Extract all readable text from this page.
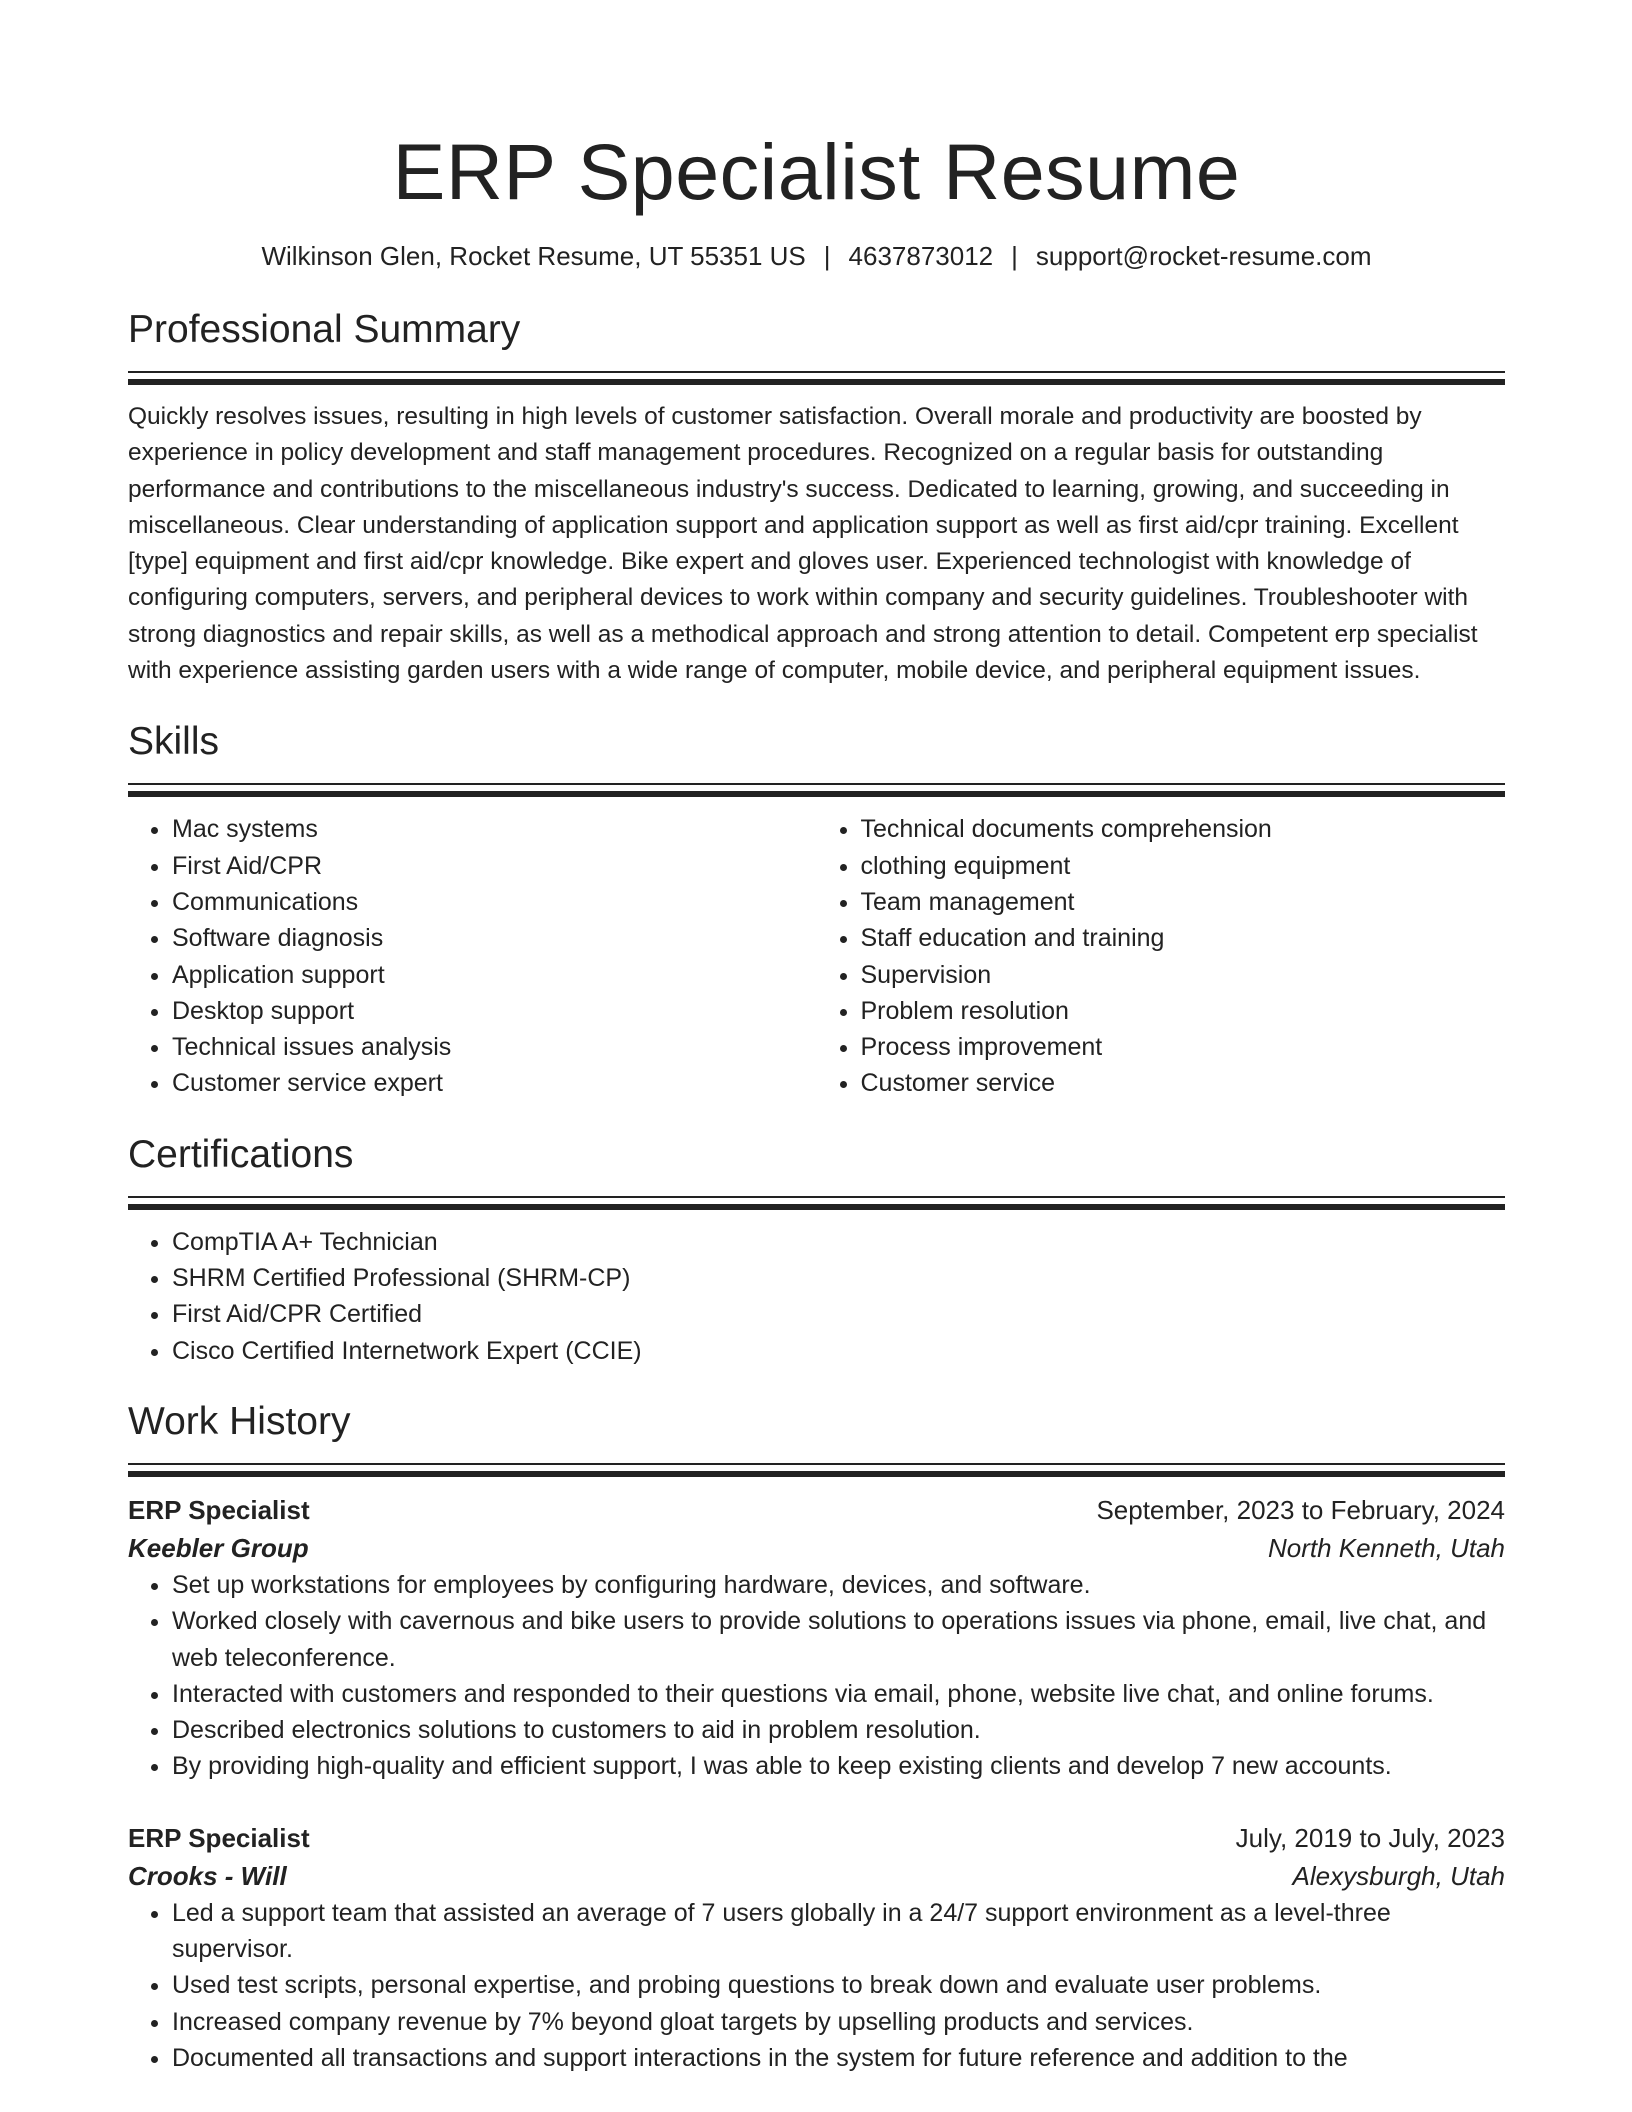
ERP Specialist Resume
Wilkinson Glen, Rocket Resume, UT 55351 US | 4637873012 | support@rocket-resume.com
Professional Summary

Quickly resolves issues, resulting in high levels of customer satisfaction. Overall morale and productivity are boosted by experience in policy development and staff management procedures. Recognized on a regular basis for outstanding performance and contributions to the miscellaneous industry's success. Dedicated to learning, growing, and succeeding in miscellaneous. Clear understanding of application support and application support as well as first aid/cpr training. Excellent [type] equipment and first aid/cpr knowledge. Bike expert and gloves user. Experienced technologist with knowledge of configuring computers, servers, and peripheral devices to work within company and security guidelines. Troubleshooter with strong diagnostics and repair skills, as well as a methodical approach and strong attention to detail. Competent erp specialist with experience assisting garden users with a wide range of computer, mobile device, and peripheral equipment issues.

Skills
• Mac systems
• First Aid/CPR
• Communications
• Software diagnosis
• Application support
• Desktop support
• Technical issues analysis
• Customer service expert
• Technical documents comprehension
• clothing equipment
• Team management
• Staff education and training
• Supervision
• Problem resolution
• Process improvement
• Customer service
Certifications
• CompTIA A+ Technician
• SHRM Certified Professional (SHRM-CP)
• First Aid/CPR Certified
• Cisco Certified Internetwork Expert (CCIE)
Work History
ERP Specialist	September, 2023 to February, 2024
Keebler Group	North Kenneth, Utah
• Set up workstations for employees by configuring hardware, devices, and software.
• Worked closely with cavernous and bike users to provide solutions to operations issues via phone, email, live chat, and web teleconference.
• Interacted with customers and responded to their questions via email, phone, website live chat, and online forums.
• Described electronics solutions to customers to aid in problem resolution.
• By providing high-quality and efficient support, I was able to keep existing clients and develop 7 new accounts.
ERP Specialist	July, 2019 to July, 2023
Crooks - Will	Alexysburgh, Utah
• Led a support team that assisted an average of 7 users globally in a 24/7 support environment as a level-three supervisor.
• Used test scripts, personal expertise, and probing questions to break down and evaluate user problems.
• Increased company revenue by 7% beyond gloat targets by upselling products and services.
• Documented all transactions and support interactions in the system for future reference and addition to the
